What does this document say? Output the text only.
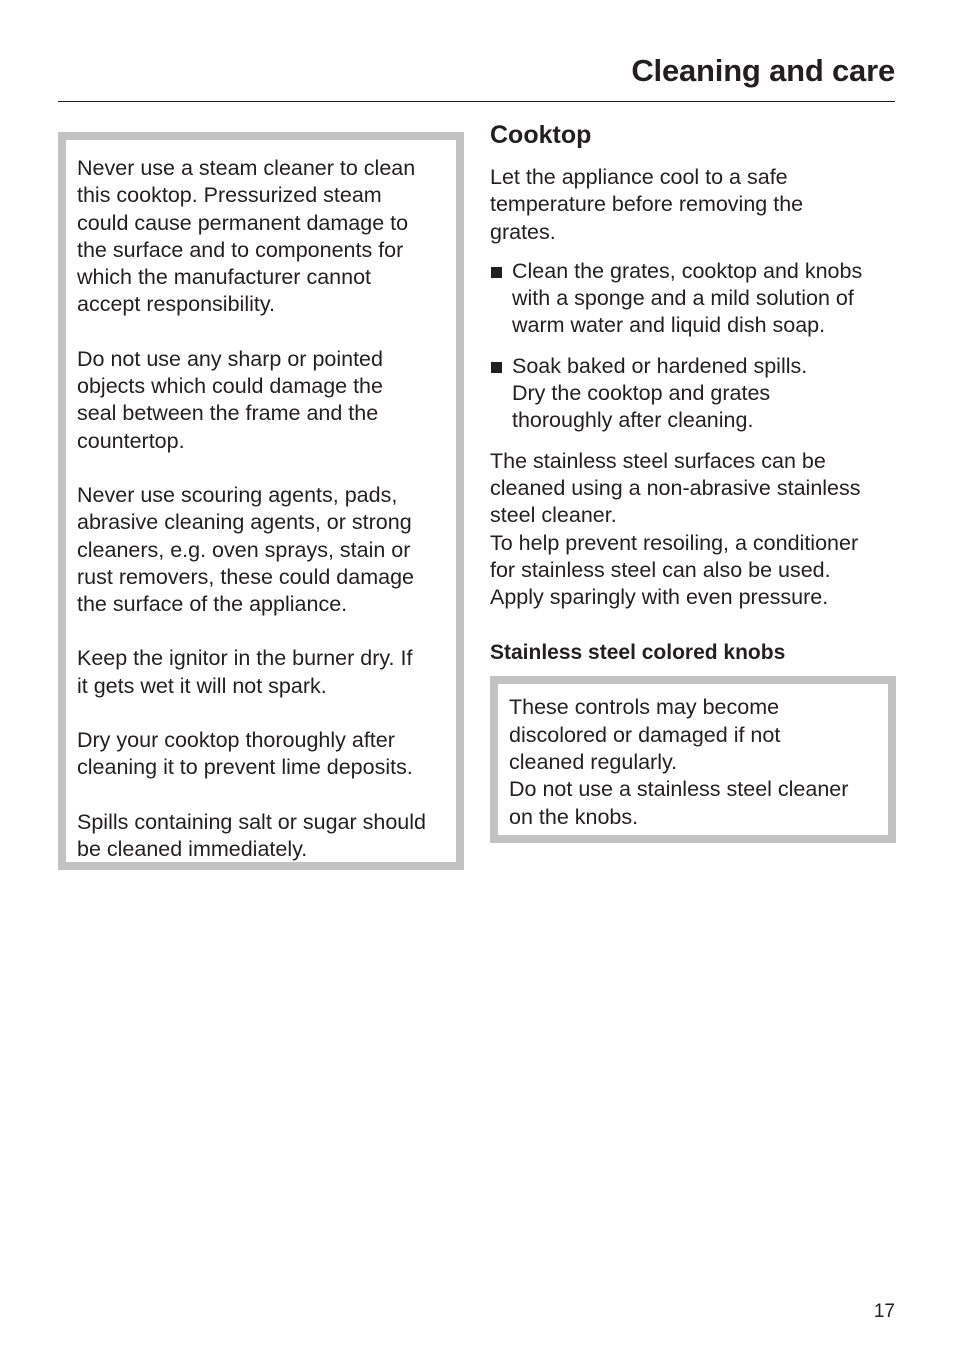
Cleaning and care

Never use a steam cleaner to clean
this cooktop. Pressurized steam
could cause permanent damage to
the surface and to components for
which the manufacturer cannot
accept responsibility.

Do not use any sharp or pointed
objects which could damage the
seal between the frame and the
countertop.

Never use scouring agents, pads,
abrasive cleaning agents, or strong
cleaners, e.g. oven sprays, stain or
rust removers, these could damage
the surface of the appliance.

Keep the ignitor in the burner dry. If
it gets wet it will not spark.

Dry your cooktop thoroughly after
cleaning it to prevent lime deposits.

Spills containing salt or sugar should
be cleaned immediately.

Cooktop

Let the appliance cool to a safe
temperature before removing the
grates.

Clean the grates, cooktop and knobs
with a sponge and a mild solution of
warm water and liquid dish soap.
Soak baked or hardened spills.
Dry the cooktop and grates
thoroughly after cleaning.

The stainless steel surfaces can be
cleaned using a non-abrasive stainless
steel cleaner.
To help prevent resoiling, a conditioner
for stainless steel can also be used.
Apply sparingly with even pressure.

Stainless steel colored knobs

These controls may become
discolored or damaged if not
cleaned regularly.
Do not use a stainless steel cleaner
on the knobs.

17
